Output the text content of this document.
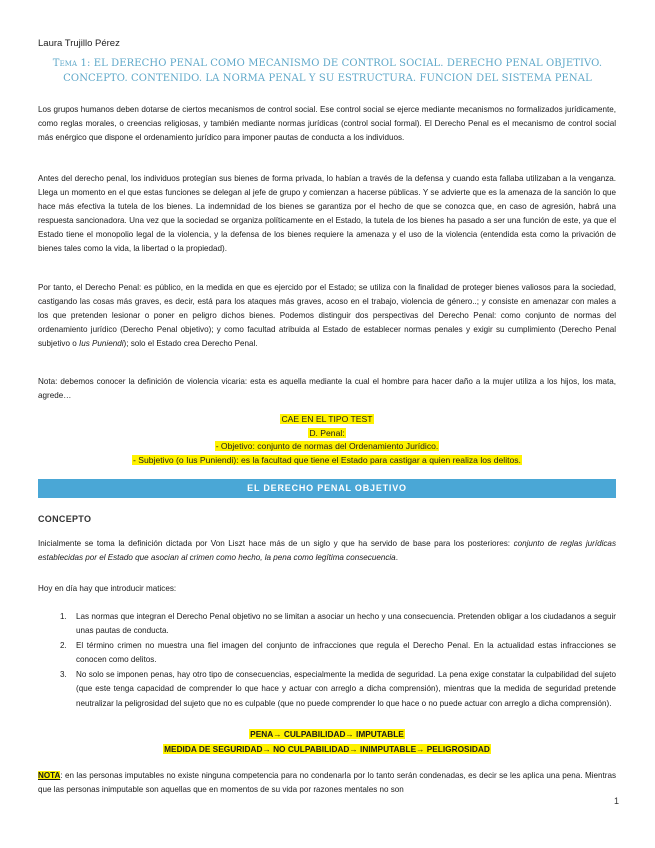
Laura Trujillo Pérez
Tema 1: EL DERECHO PENAL COMO MECANISMO DE CONTROL SOCIAL. DERECHO PENAL OBJETIVO. CONCEPTO. CONTENIDO. LA NORMA PENAL Y SU ESTRUCTURA. FUNCION DEL SISTEMA PENAL
Los grupos humanos deben dotarse de ciertos mecanismos de control social. Ese control social se ejerce mediante mecanismos no formalizados jurídicamente, como reglas morales, o creencias religiosas, y también mediante normas jurídicas (control social formal). El Derecho Penal es el mecanismo de control social más enérgico que dispone el ordenamiento jurídico para imponer pautas de conducta a los individuos.
Antes del derecho penal, los individuos protegían sus bienes de forma privada, lo habían a través de la defensa y cuando esta fallaba utilizaban a la venganza. Llega un momento en el que estas funciones se delegan al jefe de grupo y comienzan a hacerse públicas. Y se advierte que es la amenaza de la sanción lo que hace más efectiva la tutela de los bienes. La indemnidad de los bienes se garantiza por el hecho de que se conozca que, en caso de agresión, habrá una respuesta sancionadora. Una vez que la sociedad se organiza políticamente en el Estado, la tutela de los bienes ha pasado a ser una función de este, ya que el Estado tiene el monopolio legal de la violencia, y la defensa de los bienes requiere la amenaza y el uso de la violencia (entendida esta como la privación de bienes tales como la vida, la libertad o la propiedad).
Por tanto, el Derecho Penal: es público, en la medida en que es ejercido por el Estado; se utiliza con la finalidad de proteger bienes valiosos para la sociedad, castigando las cosas más graves, es decir, está para los ataques más graves, acoso en el trabajo, violencia de género..; y consiste en amenazar con males a los que pretenden lesionar o poner en peligro dichos bienes. Podemos distinguir dos perspectivas del Derecho Penal: como conjunto de normas del ordenamiento jurídico (Derecho Penal objetivo); y como facultad atribuida al Estado de establecer normas penales y exigir su cumplimiento (Derecho Penal subjetivo o Ius Puniendi); solo el Estado crea Derecho Penal.
Nota: debemos conocer la definición de violencia vicaria: esta es aquella mediante la cual el hombre para hacer daño a la mujer utiliza a los hijos, los mata, agrede…
CAE EN EL TIPO TEST
D. Penal:
- Objetivo: conjunto de normas del Ordenamiento Jurídico.
- Subjetivo (o Ius Puniendi): es la facultad que tiene el Estado para castigar a quien realiza los delitos.
EL DERECHO PENAL OBJETIVO
CONCEPTO
Inicialmente se toma la definición dictada por Von Liszt hace más de un siglo y que ha servido de base para los posteriores: conjunto de reglas jurídicas establecidas por el Estado que asocian al crimen como hecho, la pena como legítima consecuencia.
Hoy en día hay que introducir matices:
1. Las normas que integran el Derecho Penal objetivo no se limitan a asociar un hecho y una consecuencia. Pretenden obligar a los ciudadanos a seguir unas pautas de conducta.
2. El término crimen no muestra una fiel imagen del conjunto de infracciones que regula el Derecho Penal. En la actualidad estas infracciones se conocen como delitos.
3. No solo se imponen penas, hay otro tipo de consecuencias, especialmente la medida de seguridad. La pena exige constatar la culpabilidad del sujeto (que este tenga capacidad de comprender lo que hace y actuar con arreglo a dicha comprensión), mientras que la medida de seguridad pretende neutralizar la peligrosidad del sujeto que no es culpable (que no puede comprender lo que hace o no puede actuar con arreglo a dicha comprensión).
PENA→ CULPABILIDAD→ IMPUTABLE
MEDIDA DE SEGURIDAD→ NO CULPABILIDAD→ INIMPUTABLE→ PELIGROSIDAD
NOTA: en las personas imputables no existe ninguna competencia para no condenarla por lo tanto serán condenadas, es decir se les aplica una pena. Mientras que las personas inimputable son aquellas que en momentos de su vida por razones mentales no son
1
